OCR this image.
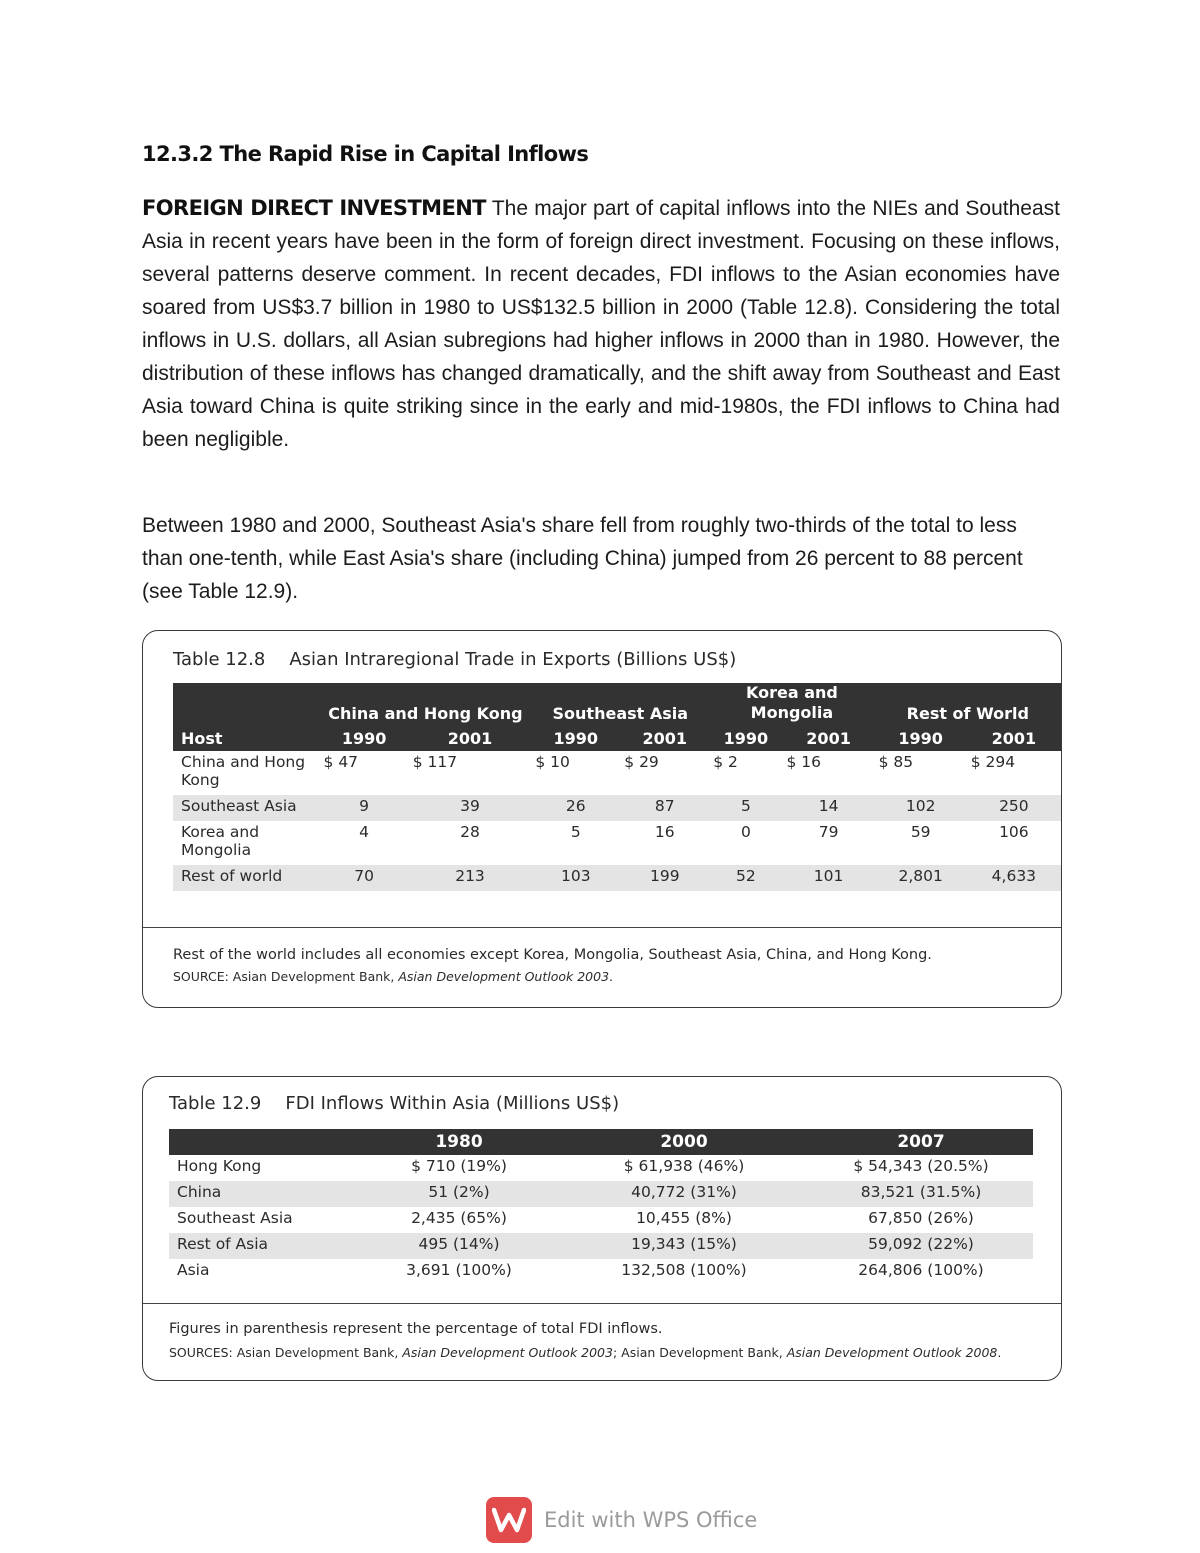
12.3.2 The Rapid Rise in Capital Inflows

FOREIGN DIRECT INVESTMENT The major part of capital inflows into the NIEs and Southeast Asia in recent years have been in the form of foreign direct investment. Focusing on these inflows, several patterns deserve comment. In recent decades, FDI inflows to the Asian economies have soared from US$3.7 billion in 1980 to US$132.5 billion in 2000 (Table 12.8). Considering the total inflows in U.S. dollars, all Asian subregions had higher inflows in 2000 than in 1980. However, the distribution of these inflows has changed dramatically, and the shift away from Southeast and East Asia toward China is quite striking since in the early and mid-1980s, the FDI inflows to China had been negligible.

Between 1980 and 2000, Southeast Asia's share fell from roughly two-thirds of the total to less than one-tenth, while East Asia's share (including China) jumped from 26 percent to 88 percent (see Table 12.9).

Table 12.8 Asian Intraregional Trade in Exports (Billions US$)
	China and Hong Kong		Southeast Asia		Korea and Mongolia		Rest of World	
Host	1990	2001	1990	2001	1990	2001	1990	2001
China and Hong Kong	$ 47	$ 117	$ 10	$ 29	$ 2	$ 16	$ 85	$ 294
Southeast Asia	9	39	26	87	5	14	102	250
Korea and Mongolia	4	28	5	16	0	79	59	106
Rest of world	70	213	103	199	52	101	2,801	4,633
Rest of the world includes all economies except Korea, Mongolia, Southeast Asia, China, and Hong Kong.
SOURCE: Asian Development Bank, Asian Development Outlook 2003.
Table 12.9 FDI Inflows Within Asia (Millions US$)
	1980	2000	2007
Hong Kong	$ 710 (19%)	$ 61,938 (46%)	$ 54,343 (20.5%)
China	51 (2%)	40,772 (31%)	83,521 (31.5%)
Southeast Asia	2,435 (65%)	10,455 (8%)	67,850 (26%)
Rest of Asia	495 (14%)	19,343 (15%)	59,092 (22%)
Asia	3,691 (100%)	132,508 (100%)	264,806 (100%)
Figures in parenthesis represent the percentage of total FDI inflows.
SOURCES: Asian Development Bank, Asian Development Outlook 2003; Asian Development Bank, Asian Development Outlook 2008.
Edit with WPS Office
